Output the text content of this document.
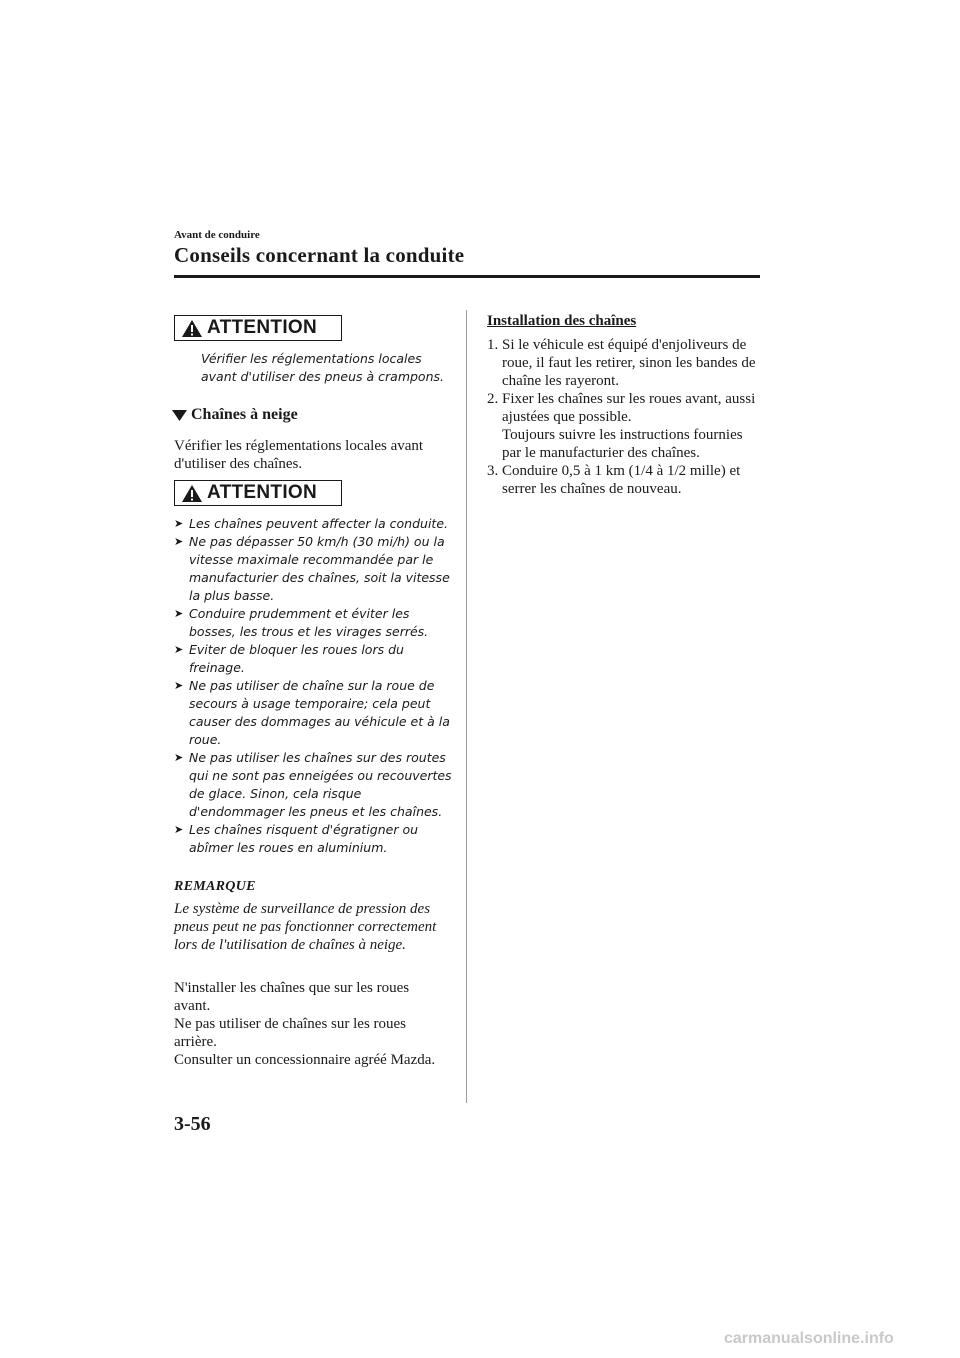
Avant de conduire
Conseils concernant la conduite
ATTENTION
Vérifier les réglementations locales avant d'utiliser des pneus à crampons.
Chaînes à neige
Vérifier les réglementations locales avant d'utiliser des chaînes.
ATTENTION
➤ Les chaînes peuvent affecter la conduite.
➤ Ne pas dépasser 50 km/h (30 mi/h) ou la vitesse maximale recommandée par le manufacturier des chaînes, soit la vitesse la plus basse.
➤ Conduire prudemment et éviter les bosses, les trous et les virages serrés.
➤ Eviter de bloquer les roues lors du freinage.
➤ Ne pas utiliser de chaîne sur la roue de secours à usage temporaire; cela peut causer des dommages au véhicule et à la roue.
➤ Ne pas utiliser les chaînes sur des routes qui ne sont pas enneigées ou recouvertes de glace. Sinon, cela risque d'endommager les pneus et les chaînes.
➤ Les chaînes risquent d'égratigner ou abîmer les roues en aluminium.
REMARQUE
Le système de surveillance de pression des pneus peut ne pas fonctionner correctement lors de l'utilisation de chaînes à neige.
N'installer les chaînes que sur les roues avant.
Ne pas utiliser de chaînes sur les roues arrière.
Consulter un concessionnaire agréé Mazda.
Installation des chaînes
1. Si le véhicule est équipé d'enjoliveurs de roue, il faut les retirer, sinon les bandes de chaîne les rayeront.
2. Fixer les chaînes sur les roues avant, aussi ajustées que possible.
Toujours suivre les instructions fournies par le manufacturier des chaînes.
3. Conduire 0,5 à 1 km (1/4 à 1/2 mille) et serrer les chaînes de nouveau.
3-56
carmanualsonline.info
